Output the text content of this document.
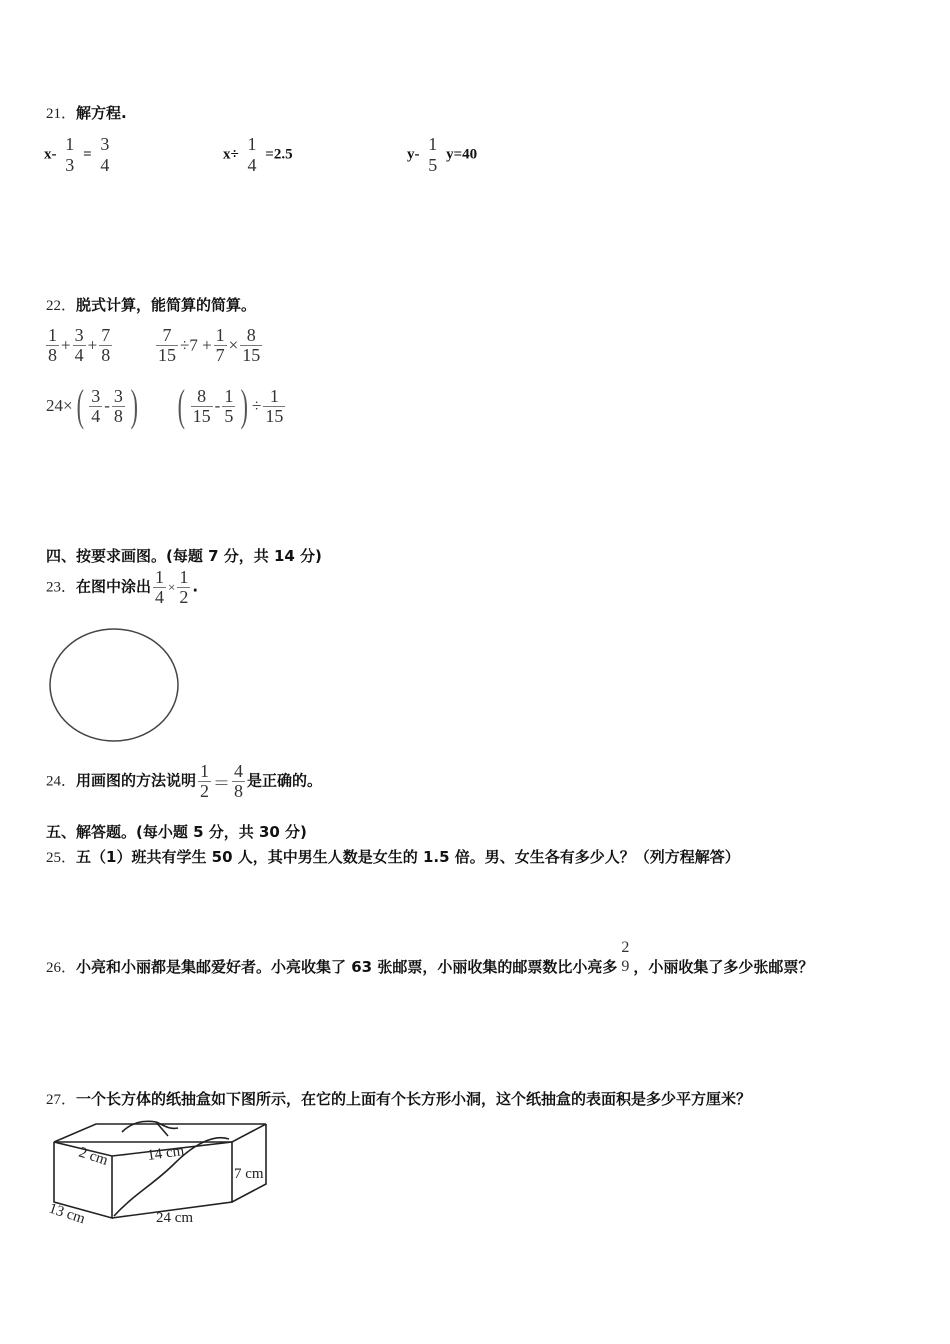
21．解方程.
x-
1
3
=
3
4
x÷
1
4
=2.5	y-
1
5
y=40
22．脱式计算，能简算的简算。
$\frac{1}{8} + \frac{3}{4} + \frac{7}{8} \frac{7}{15} \div 7 + \frac{1}{7} \times \frac{8}{15}$
$24\times( \frac{3}{4} - \frac{3}{8}$ ) ( $\frac{8}{15} - \frac{1}{5}$ ) ÷ $\frac{1}{15}$
四、按要求画图。(每题 7 分，共 14 分)
23．在图中涂出 $\frac{1}{4} \times \frac{1}{2}$ .
24．用画图的方法说明 $\frac{1}{2} = \frac{4}{8}$ 是正确的。
五、解答题。(每小题 5 分，共 30 分)
25．五（1）班共有学生 50 人，其中男生人数是女生的 1.5 倍。男、女生各有多少人？（列方程解答）
26．小亮和小丽都是集邮爱好者。小亮收集了 63 张邮票，小丽收集的邮票数比小亮多
2
9 ，小丽收集了多少张邮票？
27．一个长方体的纸抽盒如下图所示，在它的上面有个长方形小洞，这个纸抽盒的表面积是多少平方厘米？
2 cm 14 cm
7 cm
13 cm	24 cm
